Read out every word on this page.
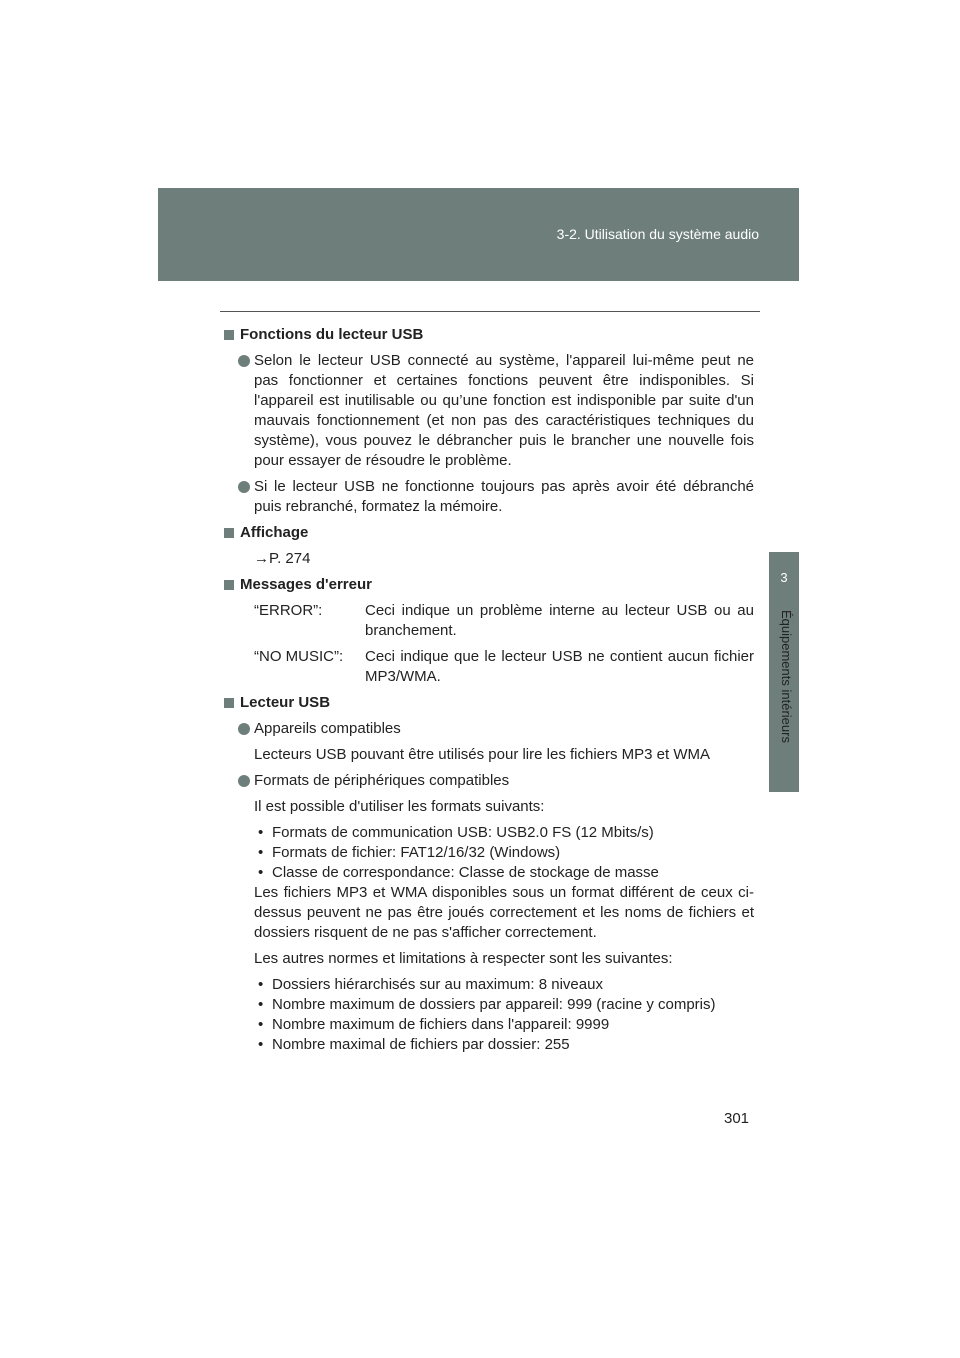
3-2. Utilisation du système audio
3
Équipements intérieurs
Fonctions du lecteur USB
Selon le lecteur USB connecté au système, l'appareil lui-même peut ne pas fonctionner et certaines fonctions peuvent être indisponibles. Si l'appareil est inutilisable ou qu’une fonction est indisponible par suite d'un mauvais fonctionnement (et non pas des caractéristiques techniques du système), vous pouvez le débrancher puis le brancher une nouvelle fois pour essayer de résoudre le problème.
Si le lecteur USB ne fonctionne toujours pas après avoir été débranché puis rebranché, formatez la mémoire.
Affichage
→P. 274
Messages d'erreur
“ERROR”:	Ceci indique un problème interne au lecteur USB ou au branchement.
“NO MUSIC”:	Ceci indique que le lecteur USB ne contient aucun fichier MP3/WMA.
Lecteur USB
Appareils compatibles
Lecteurs USB pouvant être utilisés pour lire les fichiers MP3 et WMA
Formats de périphériques compatibles
Il est possible d'utiliser les formats suivants:
• Formats de communication USB: USB2.0 FS (12 Mbits/s)
• Formats de fichier: FAT12/16/32 (Windows)
• Classe de correspondance: Classe de stockage de masse
Les fichiers MP3 et WMA disponibles sous un format différent de ceux ci-dessus peuvent ne pas être joués correctement et les noms de fichiers et dossiers risquent de ne pas s'afficher correctement.
Les autres normes et limitations à respecter sont les suivantes:
• Dossiers hiérarchisés sur au maximum: 8 niveaux
• Nombre maximum de dossiers par appareil: 999 (racine y compris)
• Nombre maximum de fichiers dans l'appareil: 9999
• Nombre maximal de fichiers par dossier: 255
301
